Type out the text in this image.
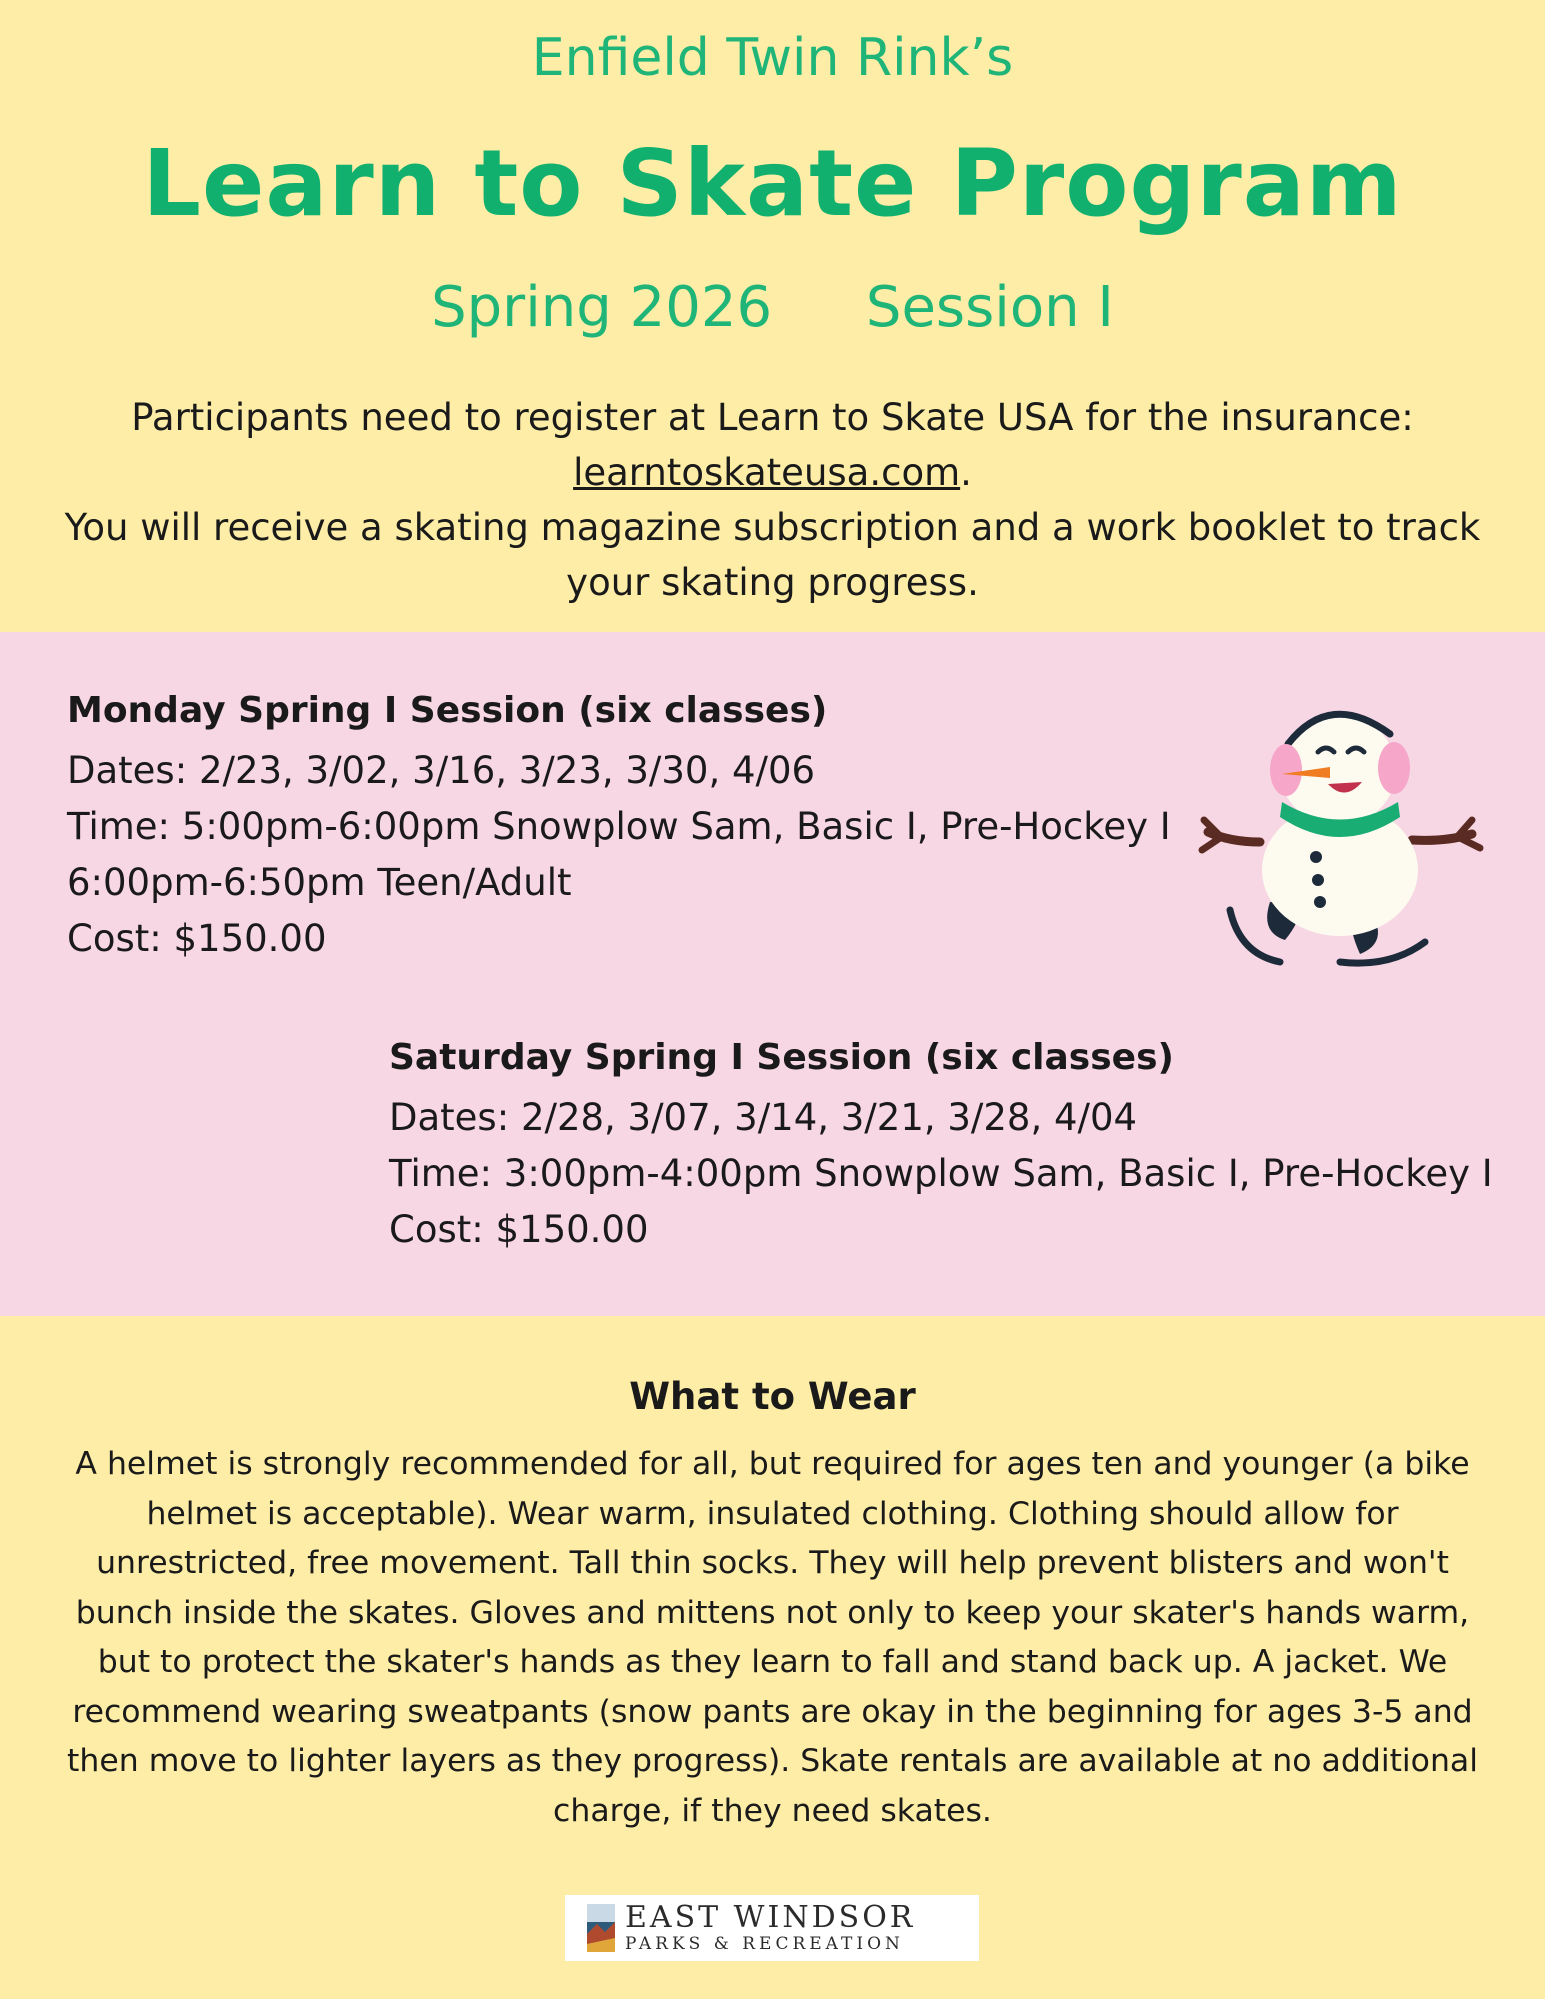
Enfield Twin Rink’s
Learn to Skate Program
Spring 2026 Session I
Participants need to register at Learn to Skate USA for the insurance:
learntoskateusa.com.
You will receive a skating magazine subscription and a work booklet to track your skating progress.
Monday Spring I Session (six classes)
Dates: 2/23, 3/02, 3/16, 3/23, 3/30, 4/06
Time: 5:00pm-6:00pm Snowplow Sam, Basic I, Pre-Hockey I
6:00pm-6:50pm Teen/Adult
Cost: $150.00
Saturday Spring I Session (six classes)
Dates: 2/28, 3/07, 3/14, 3/21, 3/28, 4/04
Time: 3:00pm-4:00pm Snowplow Sam, Basic I, Pre-Hockey I
Cost: $150.00
What to Wear

A helmet is strongly recommended for all, but required for ages ten and younger (a bike helmet is acceptable). Wear warm, insulated clothing. Clothing should allow for unrestricted, free movement. Tall thin socks. They will help prevent blisters and won't bunch inside the skates. Gloves and mittens not only to keep your skater's hands warm, but to protect the skater's hands as they learn to fall and stand back up. A jacket. We recommend wearing sweatpants (snow pants are okay in the beginning for ages 3-5 and then move to lighter layers as they progress). Skate rentals are available at no additional charge, if they need skates.

EAST WINDSOR
PARKS & RECREATION
